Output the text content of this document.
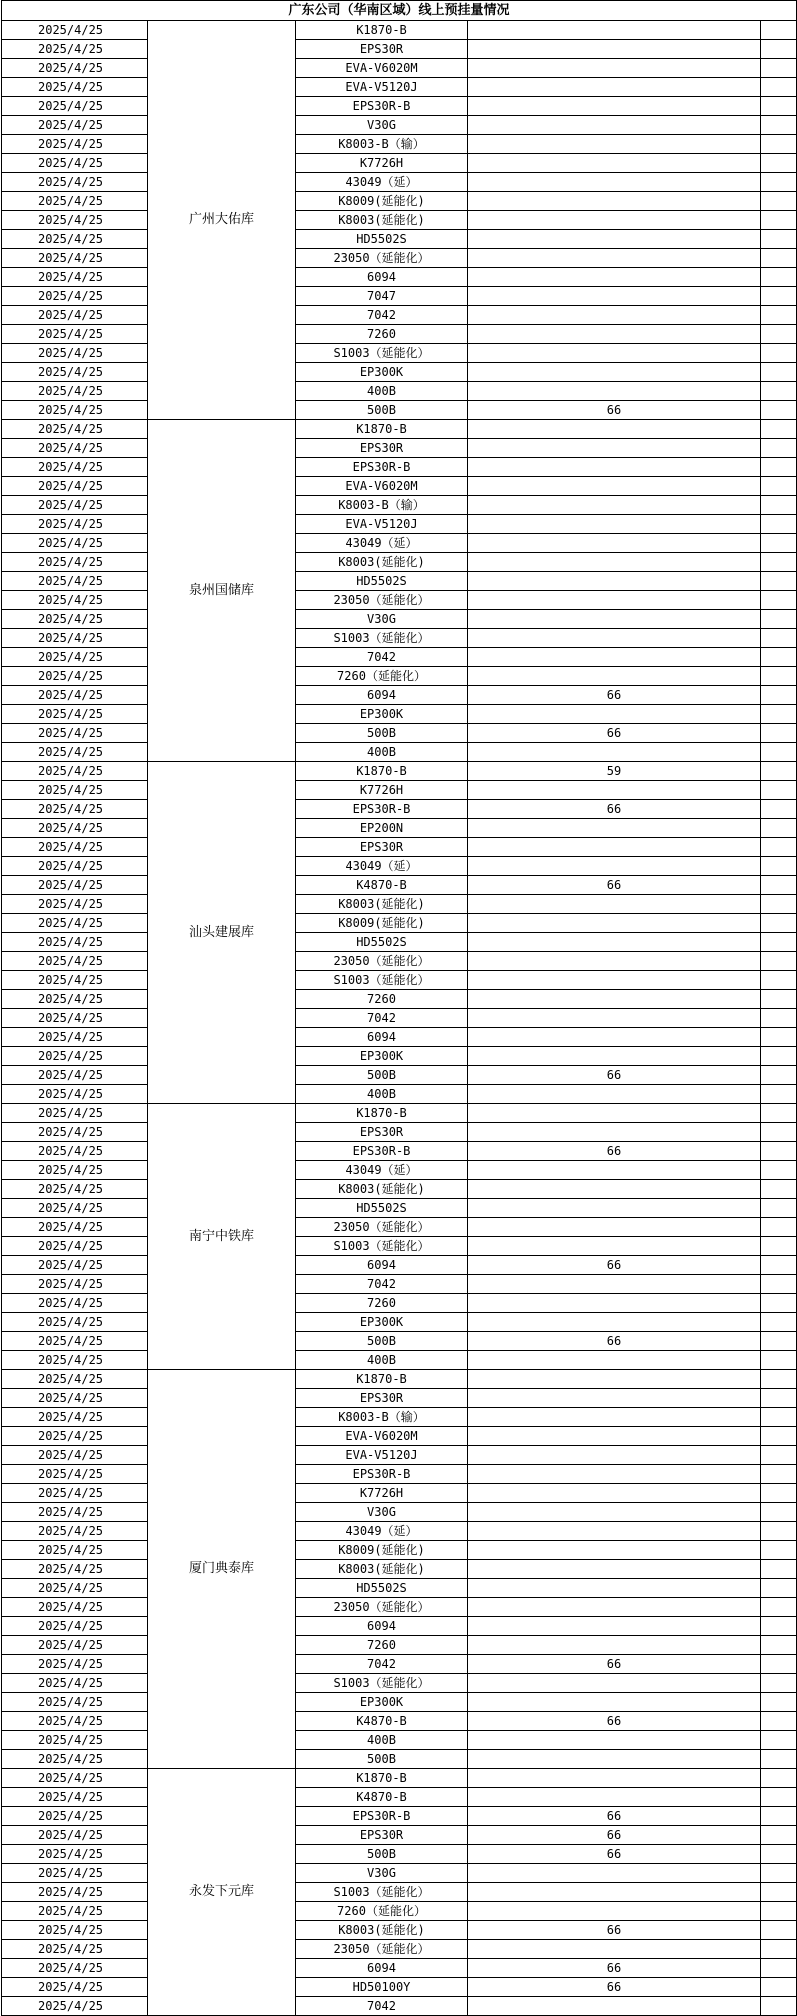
广东公司（华南区域）线上预挂量情况				
2025/4/25	广州大佑库	K1870-B		
2025/4/25		EPS30R		
2025/4/25		EVA-V6020M		
2025/4/25		EVA-V5120J		
2025/4/25		EPS30R-B		
2025/4/25		V30G		
2025/4/25		K8003-B（输）		
2025/4/25		K7726H		
2025/4/25		43049（延）		
2025/4/25		K8009(延能化)		
2025/4/25		K8003(延能化)		
2025/4/25		HD5502S		
2025/4/25		23050（延能化）		
2025/4/25		6094		
2025/4/25		7047		
2025/4/25		7042		
2025/4/25		7260		
2025/4/25		S1003（延能化）		
2025/4/25		EP300K		
2025/4/25		400B		
2025/4/25		500B	66	
2025/4/25	泉州国储库	K1870-B		
2025/4/25		EPS30R		
2025/4/25		EPS30R-B		
2025/4/25		EVA-V6020M		
2025/4/25		K8003-B（输）		
2025/4/25		EVA-V5120J		
2025/4/25		43049（延）		
2025/4/25		K8003(延能化)		
2025/4/25		HD5502S		
2025/4/25		23050（延能化）		
2025/4/25		V30G		
2025/4/25		S1003（延能化）		
2025/4/25		7042		
2025/4/25		7260（延能化）		
2025/4/25		6094	66	
2025/4/25		EP300K		
2025/4/25		500B	66	
2025/4/25		400B		
2025/4/25	汕头建展库	K1870-B	59	
2025/4/25		K7726H		
2025/4/25		EPS30R-B	66	
2025/4/25		EP200N		
2025/4/25		EPS30R		
2025/4/25		43049（延）		
2025/4/25		K4870-B	66	
2025/4/25		K8003(延能化)		
2025/4/25		K8009(延能化)		
2025/4/25		HD5502S		
2025/4/25		23050（延能化）		
2025/4/25		S1003（延能化）		
2025/4/25		7260		
2025/4/25		7042		
2025/4/25		6094		
2025/4/25		EP300K		
2025/4/25		500B	66	
2025/4/25		400B		
2025/4/25	南宁中铁库	K1870-B		
2025/4/25		EPS30R		
2025/4/25		EPS30R-B	66	
2025/4/25		43049（延）		
2025/4/25		K8003(延能化)		
2025/4/25		HD5502S		
2025/4/25		23050（延能化）		
2025/4/25		S1003（延能化）		
2025/4/25		6094	66	
2025/4/25		7042		
2025/4/25		7260		
2025/4/25		EP300K		
2025/4/25		500B	66	
2025/4/25		400B		
2025/4/25	厦门典泰库	K1870-B		
2025/4/25		EPS30R		
2025/4/25		K8003-B（输）		
2025/4/25		EVA-V6020M		
2025/4/25		EVA-V5120J		
2025/4/25		EPS30R-B		
2025/4/25		K7726H		
2025/4/25		V30G		
2025/4/25		43049（延）		
2025/4/25		K8009(延能化)		
2025/4/25		K8003(延能化)		
2025/4/25		HD5502S		
2025/4/25		23050（延能化）		
2025/4/25		6094		
2025/4/25		7260		
2025/4/25		7042	66	
2025/4/25		S1003（延能化）		
2025/4/25		EP300K		
2025/4/25		K4870-B	66	
2025/4/25		400B		
2025/4/25		500B		
2025/4/25	永发下元库	K1870-B		
2025/4/25		K4870-B		
2025/4/25		EPS30R-B	66	
2025/4/25		EPS30R	66	
2025/4/25		500B	66	
2025/4/25		V30G		
2025/4/25		S1003（延能化）		
2025/4/25		7260（延能化）		
2025/4/25		K8003(延能化)	66	
2025/4/25		23050（延能化）		
2025/4/25		6094	66	
2025/4/25		HD50100Y	66	
2025/4/25		7042		
